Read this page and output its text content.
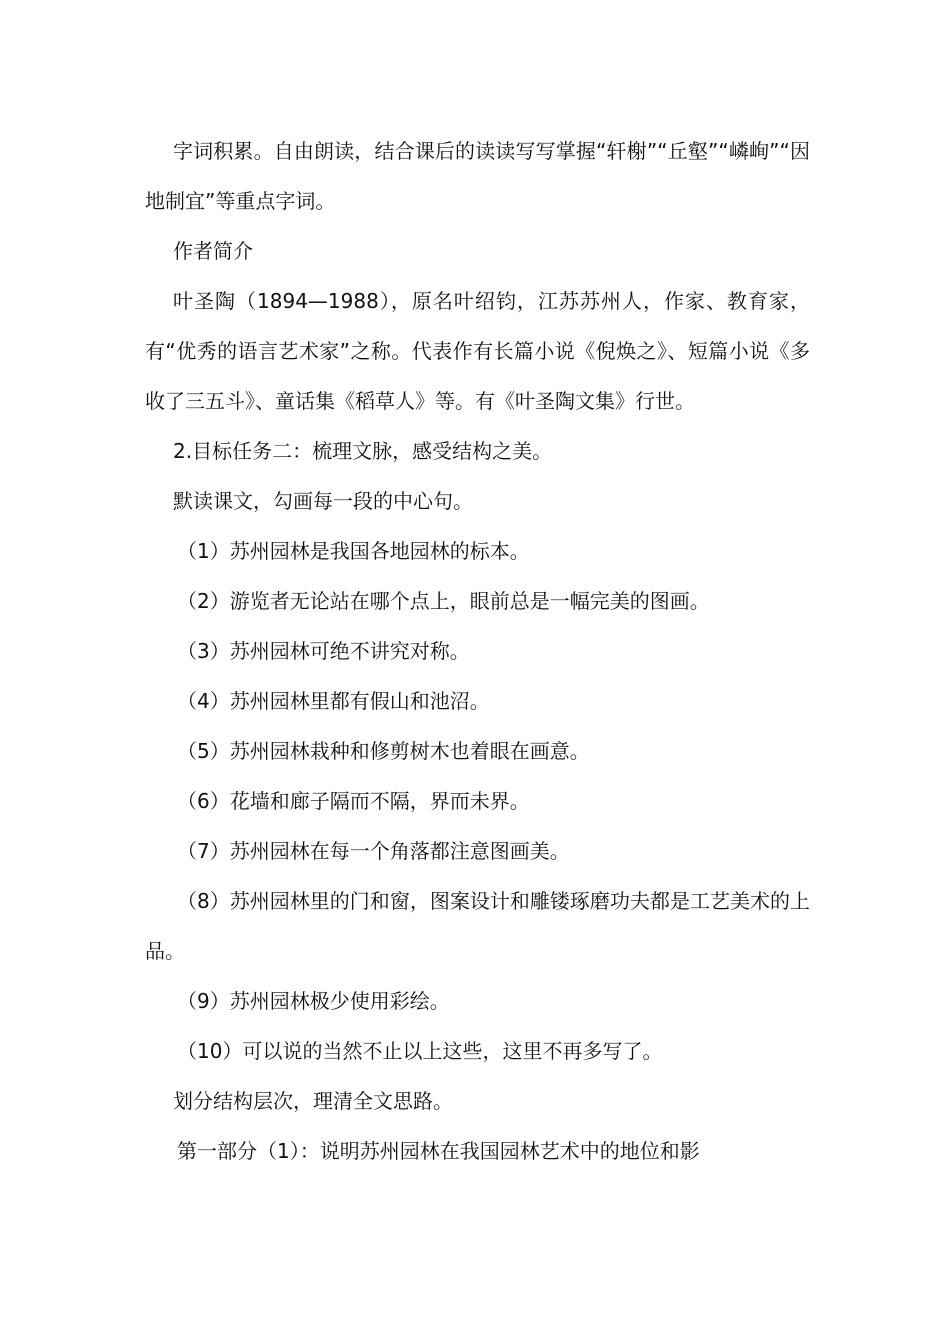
字词积累。自由朗读，结合课后的读读写写掌握“轩榭”“丘壑”“嶙峋”“因地制宜”等重点字词。

作者简介

叶圣陶（1894—1988），原名叶绍钧，江苏苏州人，作家、教育家，有“优秀的语言艺术家”之称。代表作有长篇小说《倪焕之》、短篇小说《多收了三五斗》、童话集《稻草人》等。有《叶圣陶文集》行世。

2.目标任务二：梳理文脉，感受结构之美。

默读课文，勾画每一段的中心句。

（1）苏州园林是我国各地园林的标本。

（2）游览者无论站在哪个点上，眼前总是一幅完美的图画。

（3）苏州园林可绝不讲究对称。

（4）苏州园林里都有假山和池沼。

（5）苏州园林栽种和修剪树木也着眼在画意。

（6）花墙和廊子隔而不隔，界而未界。

（7）苏州园林在每一个角落都注意图画美。

（8）苏州园林里的门和窗，图案设计和雕镂琢磨功夫都是工艺美术的上品。

（9）苏州园林极少使用彩绘。

（10）可以说的当然不止以上这些，这里不再多写了。

划分结构层次，理清全文思路。

第一部分（1）：说明苏州园林在我国园林艺术中的地位和影
